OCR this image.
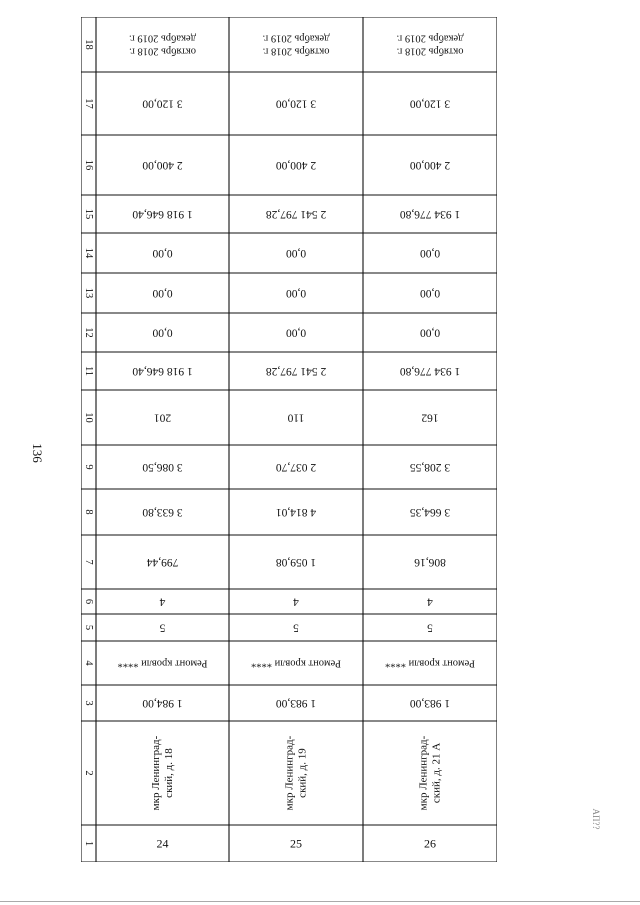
136
АП??
1
2
3
4
5
6
7
8
9
10
11
12
13
14
15
16
17
18
24
мкр Ленинград- ский, д. 18
1 984,00
Ремонт кровли ****
5
4
799,44
3 633,80
3 086,50
201
1 918 646,40
0,00
0,00
0,00
1 918 646,40
2 400,00
3 120,00
октябрь 2018 г.
декабрь 2019 г.
25
мкр Ленинград- ский, д. 19
1 983,00
Ремонт кровли ****
5
4
1 059,08
4 814,01
2 037,70
110
2 541 797,28
0,00
0,00
0,00
2 541 797,28
2 400,00
3 120,00
октябрь 2018 г.
декабрь 2019 г.
26
мкр Ленинград- ский, д. 21 А
1 983,00
Ремонт кровли ****
5
4
806,16
3 664,35
3 208,55
162
1 934 776,80
0,00
0,00
0,00
1 934 776,80
2 400,00
3 120,00
октябрь 2018 г.
декабрь 2019 г.
